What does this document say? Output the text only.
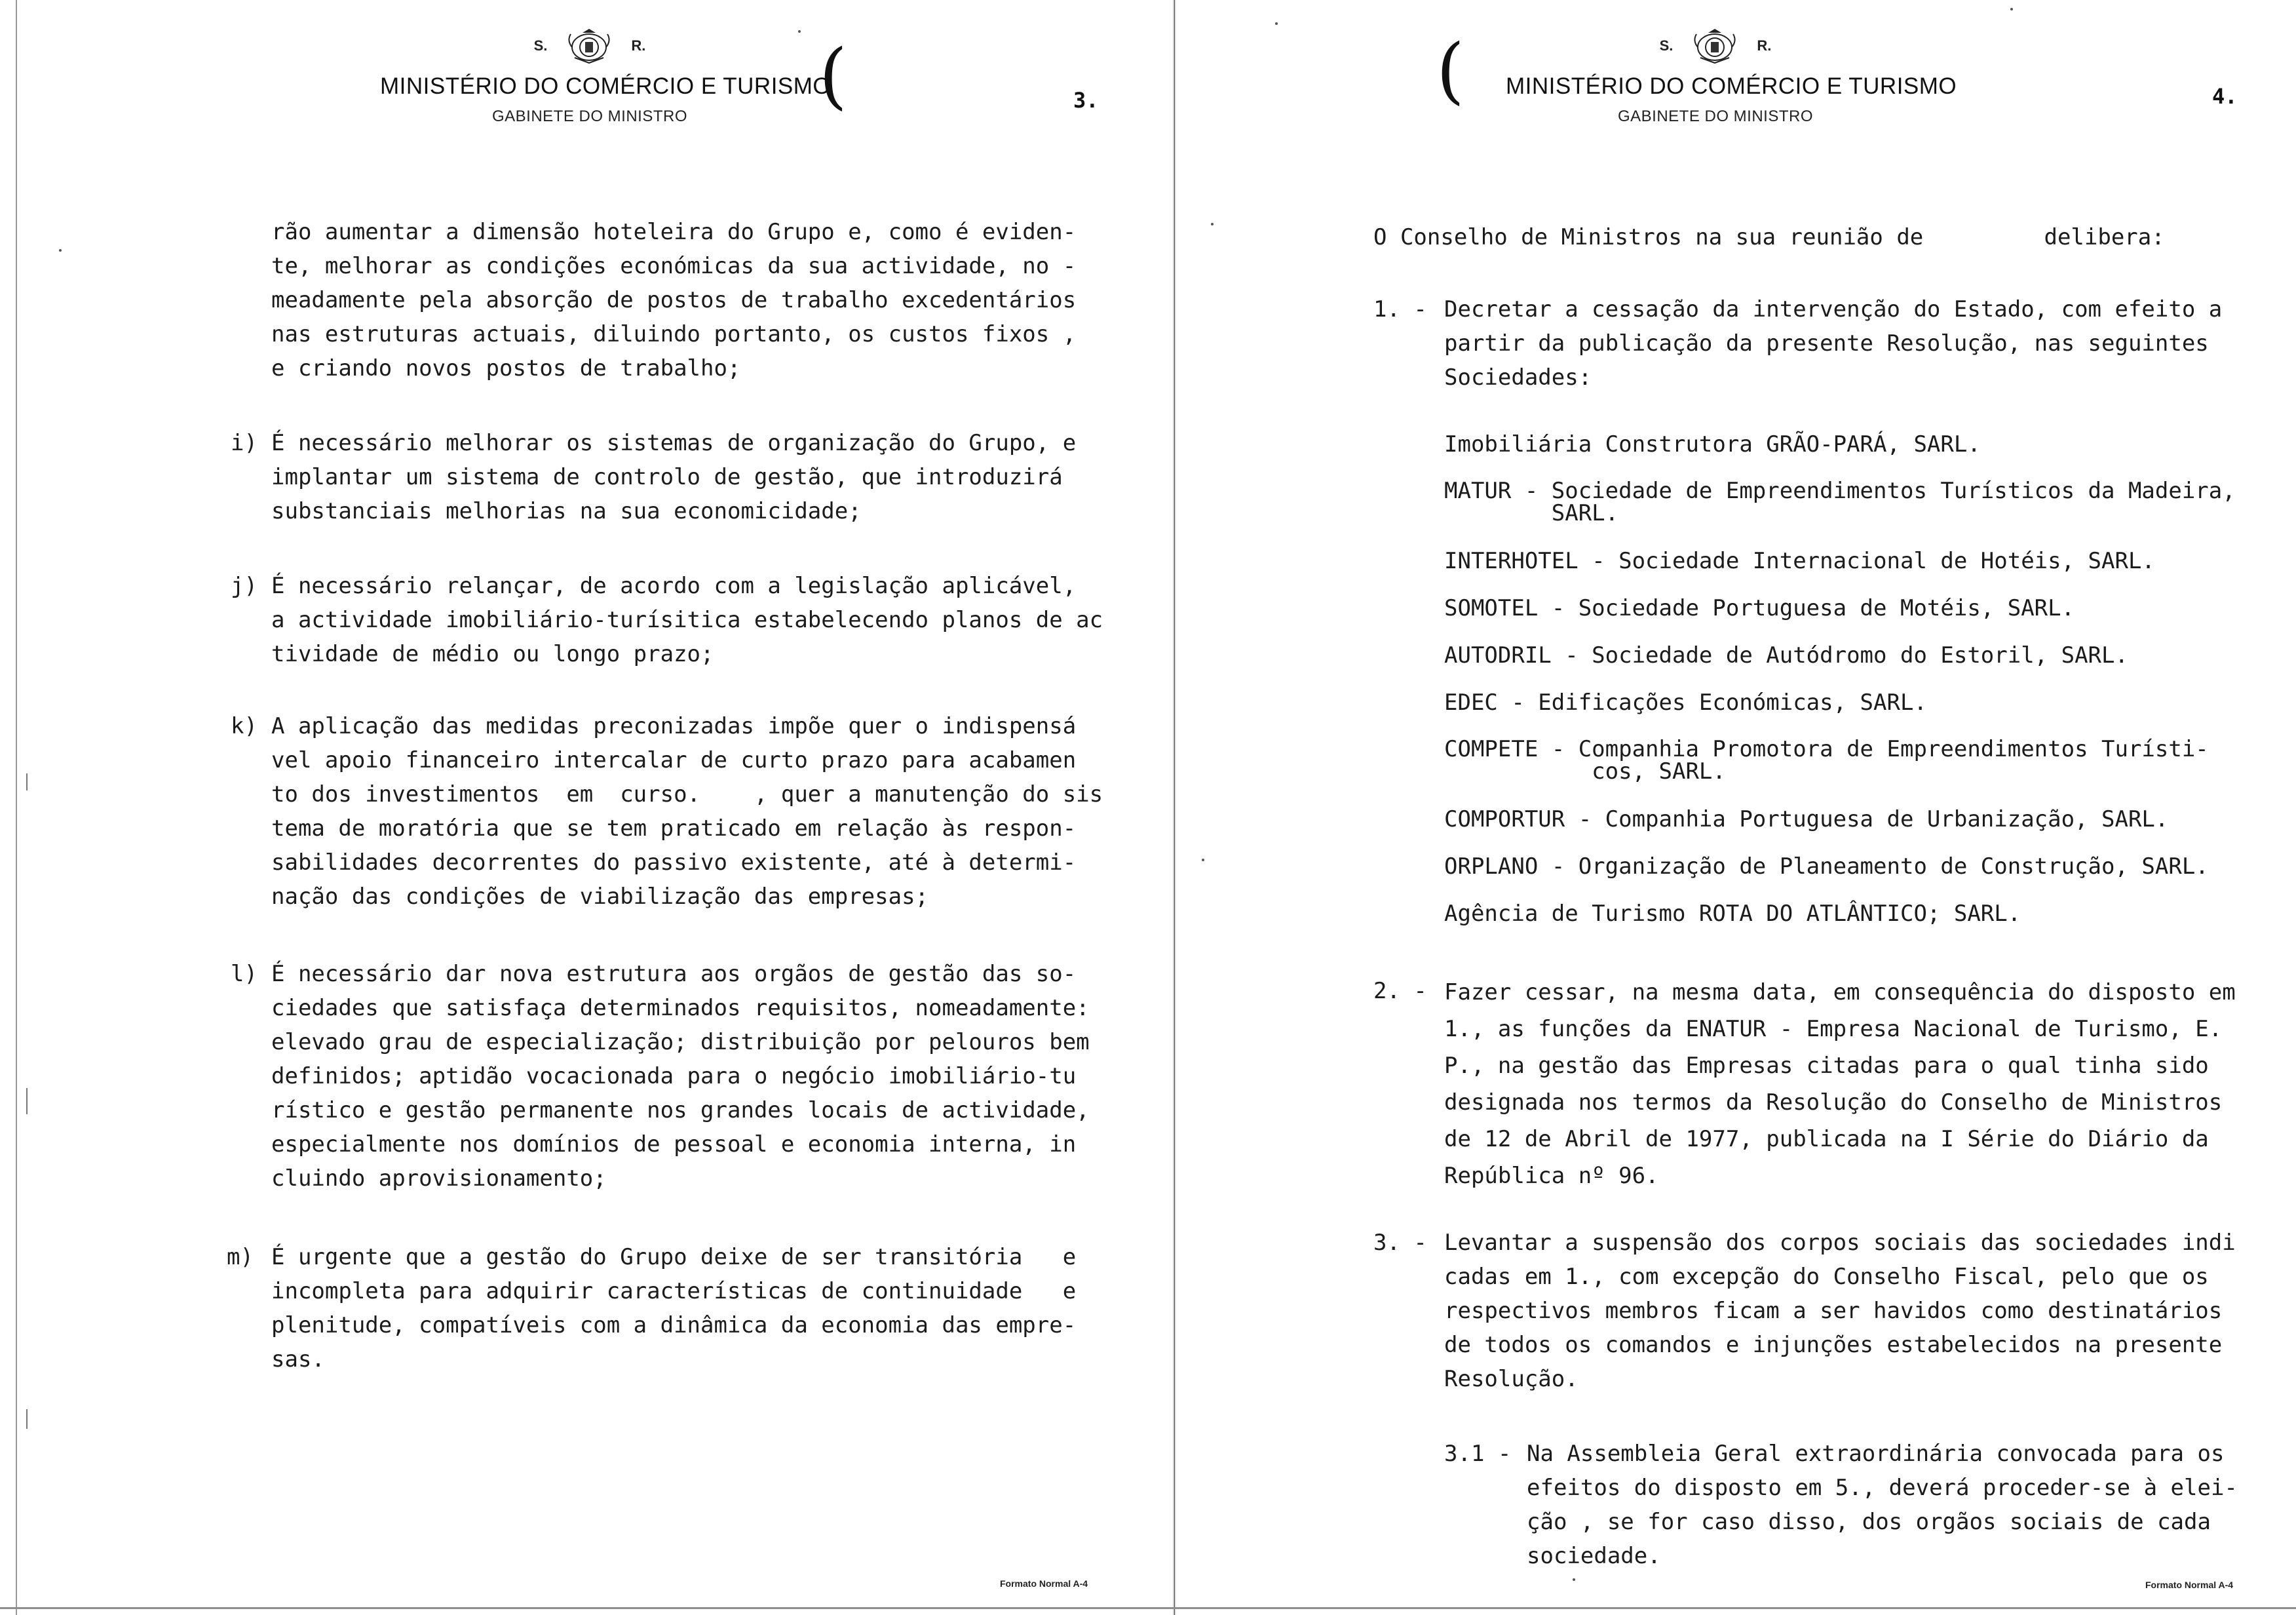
S.	R.
MINISTÉRIO DO COMÉRCIO E TURISMO
GABINETE DO MINISTRO	(	3.
rão aumentar a dimensão hoteleira do Grupo e, como é eviden-
te, melhorar as condições económicas da sua actividade, no -
meadamente pela absorção de postos de trabalho excedentários
nas estruturas actuais, diluindo portanto, os custos fixos ,
e criando novos postos de trabalho;
i) É necessário melhorar os sistemas de organização do Grupo, e
implantar um sistema de controlo de gestão, que introduzirá
substanciais melhorias na sua economicidade;
j) É necessário relançar, de acordo com a legislação aplicável,
a actividade imobiliário-turísitica estabelecendo planos de ac
tividade de médio ou longo prazo;
k) A aplicação das medidas preconizadas impõe quer o indispensá
vel apoio financeiro intercalar de curto prazo para acabamen
to dos investimentos  em  curso.    , quer a manutenção do sis
tema de moratória que se tem praticado em relação às respon-
sabilidades decorrentes do passivo existente, até à determi-
nação das condições de viabilização das empresas;
l) É necessário dar nova estrutura aos orgãos de gestão das so-
ciedades que satisfaça determinados requisitos, nomeadamente:
elevado grau de especialização; distribuição por pelouros bem
definidos; aptidão vocacionada para o negócio imobiliário-tu
rístico e gestão permanente nos grandes locais de actividade,
especialmente nos domínios de pessoal e economia interna, in
cluindo aprovisionamento;
m) É urgente que a gestão do Grupo deixe de ser transitória   e
incompleta para adquirir características de continuidade   e
plenitude, compatíveis com a dinâmica da economia das empre-
sas.
Formato Normal A-4
S.	R.
MINISTÉRIO DO COMÉRCIO E TURISMO
GABINETE DO MINISTRO
(	4.
O Conselho de Ministros na sua reunião de         delibera:
1. - Decretar a cessação da intervenção do Estado, com efeito a
partir da publicação da presente Resolução, nas seguintes
Sociedades:
Imobiliária Construtora GRÃO-PARÁ, SARL.
MATUR - Sociedade de Empreendimentos Turísticos da Madeira,
SARL.
INTERHOTEL - Sociedade Internacional de Hotéis, SARL.
SOMOTEL - Sociedade Portuguesa de Motéis, SARL.
AUTODRIL - Sociedade de Autódromo do Estoril, SARL.
EDEC - Edificações Económicas, SARL.
COMPETE - Companhia Promotora de Empreendimentos Turísti-
cos, SARL.
COMPORTUR - Companhia Portuguesa de Urbanização, SARL.
ORPLANO - Organização de Planeamento de Construção, SARL.
Agência de Turismo ROTA DO ATLÂNTICO; SARL.
2. - Fazer cessar, na mesma data, em consequência do disposto em
1., as funções da ENATUR - Empresa Nacional de Turismo, E.
P., na gestão das Empresas citadas para o qual tinha sido
designada nos termos da Resolução do Conselho de Ministros
de 12 de Abril de 1977, publicada na I Série do Diário da
República nº 96.
3. - Levantar a suspensão dos corpos sociais das sociedades indi
cadas em 1., com excepção do Conselho Fiscal, pelo que os
respectivos membros ficam a ser havidos como destinatários
de todos os comandos e injunções estabelecidos na presente
Resolução.
3.1 - Na Assembleia Geral extraordinária convocada para os
efeitos do disposto em 5., deverá proceder-se à elei-
ção , se for caso disso, dos orgãos sociais de cada
sociedade.
Formato Normal A-4
